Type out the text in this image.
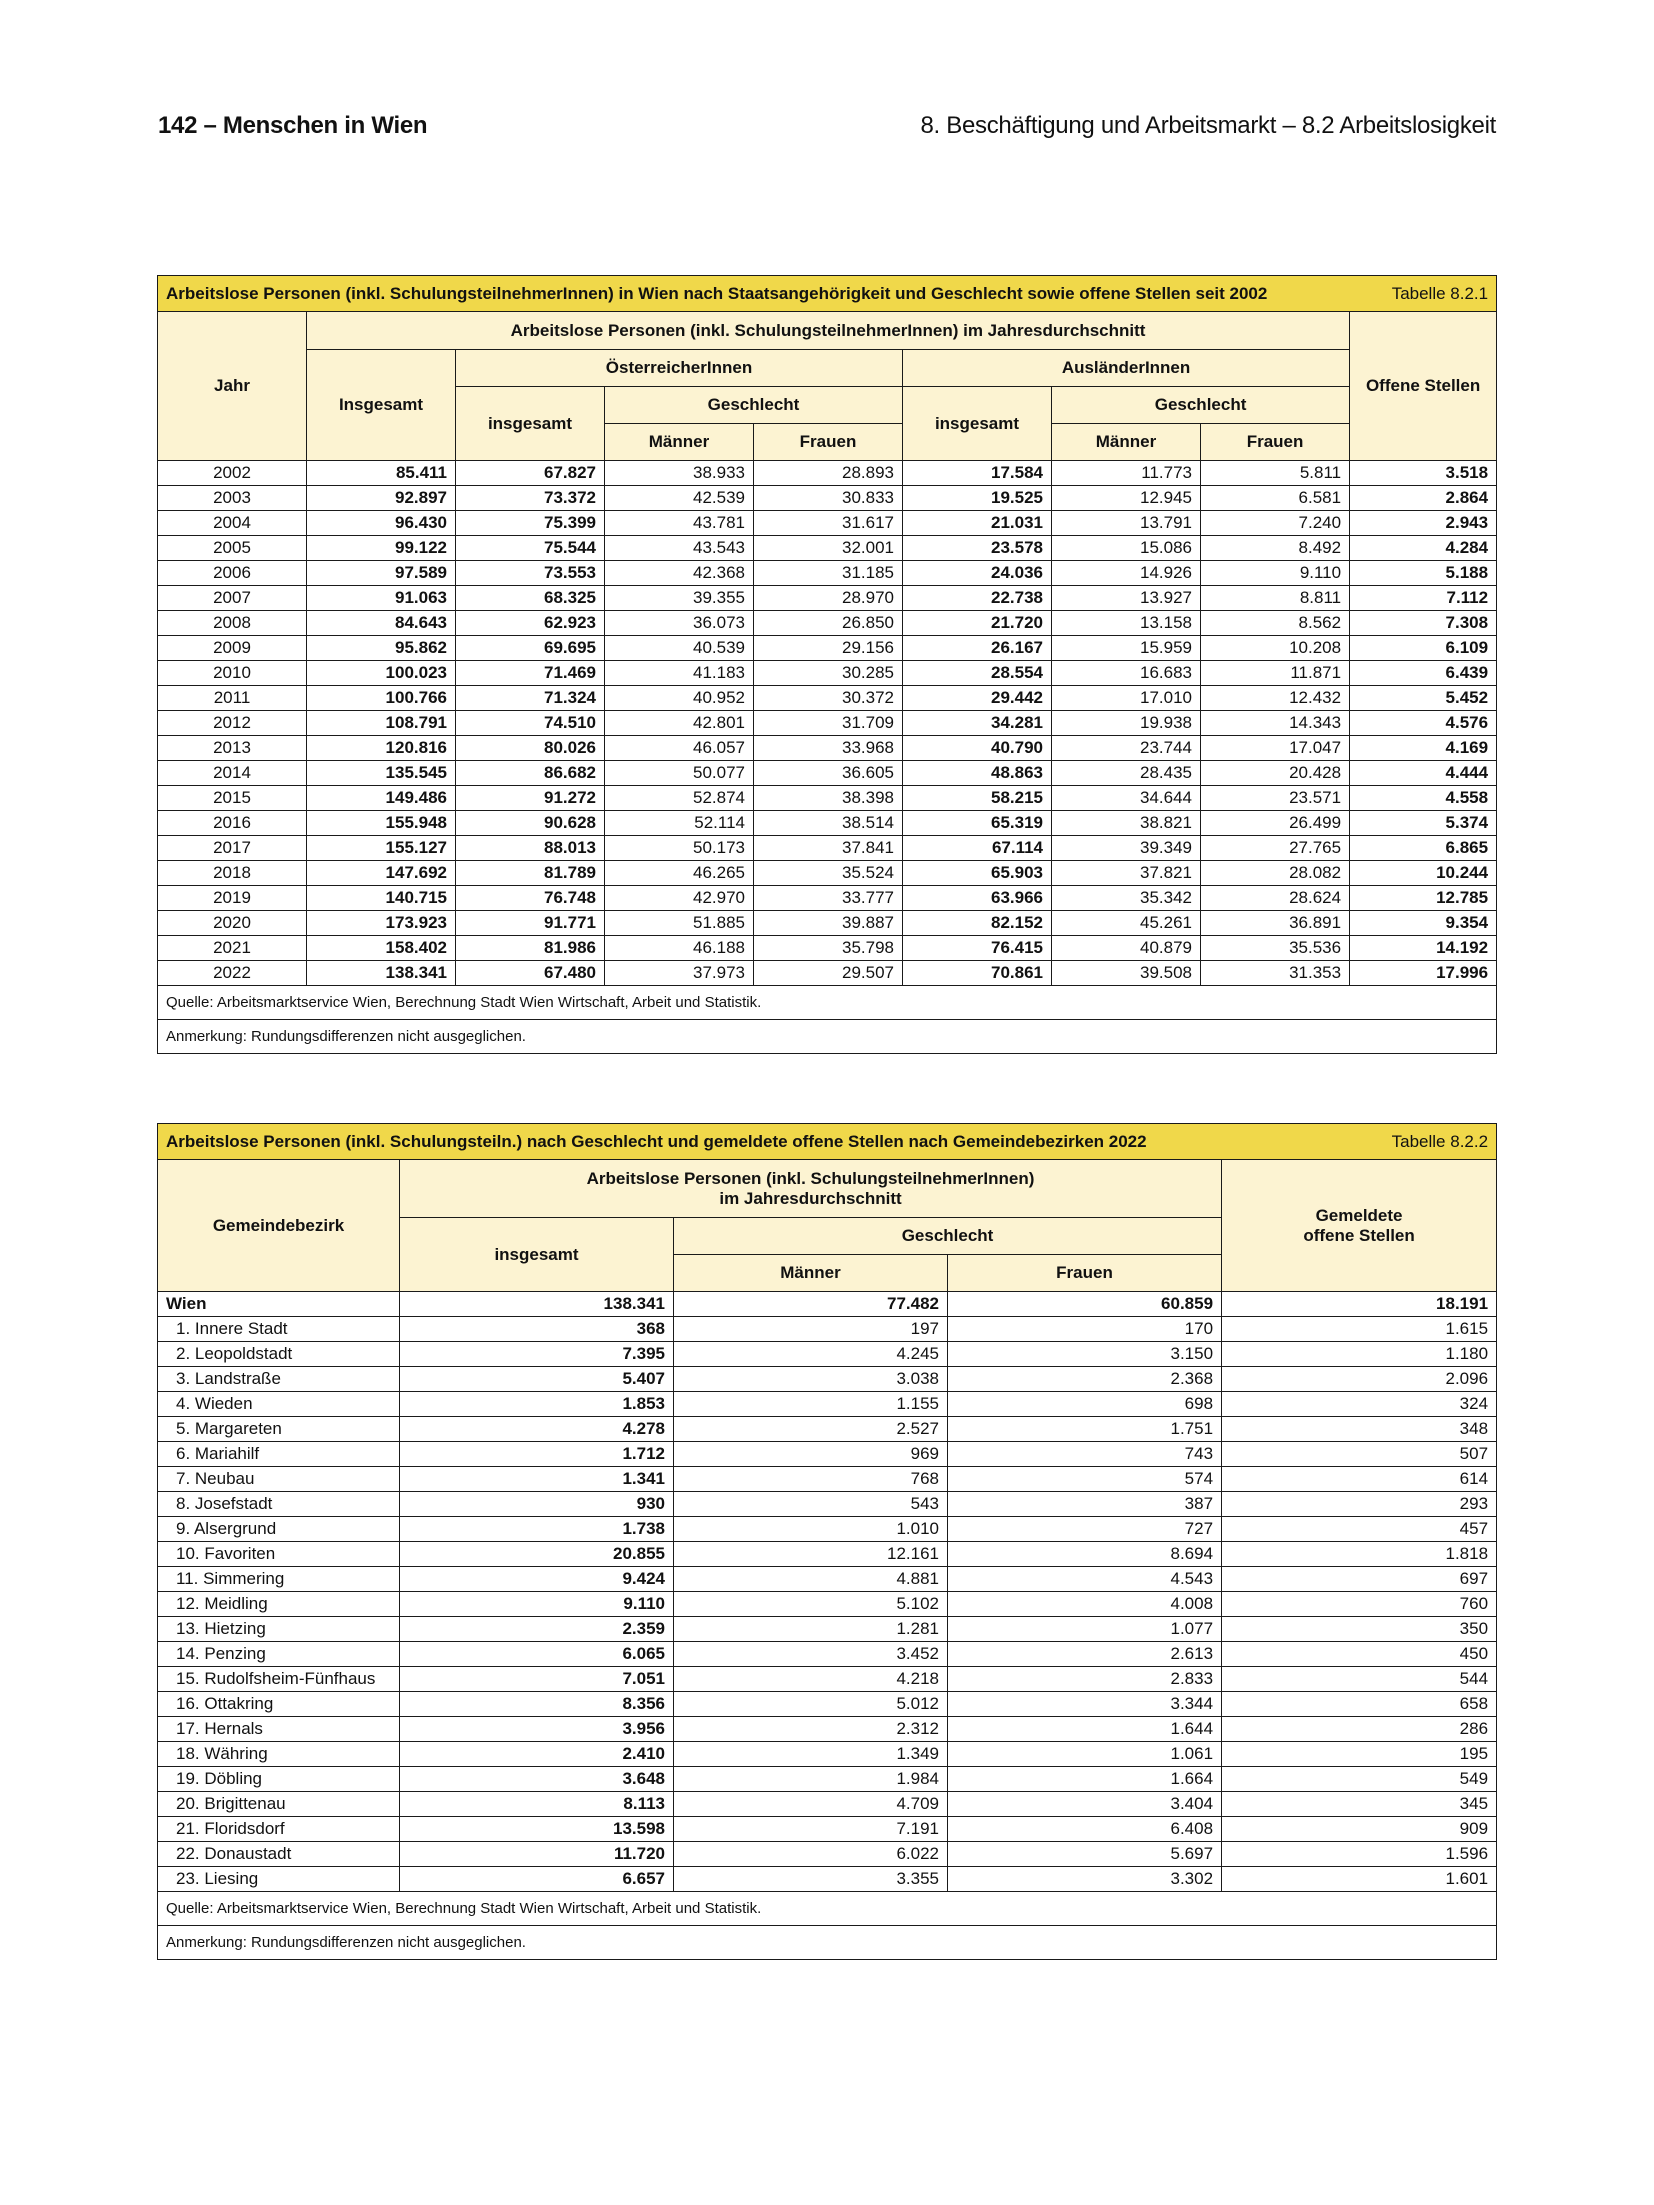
142 – Menschen in Wien	8. Beschäftigung und Arbeitsmarkt – 8.2 Arbeitslosigkeit
Arbeitslose Personen (inkl. SchulungsteilnehmerInnen) in Wien nach Staatsangehörigkeit und Geschlecht sowie offene Stellen seit 2002								Tabelle 8.2.1
Jahr	Arbeitslose Personen (inkl. SchulungsteilnehmerInnen) im Jahresdurchschnitt							Offene Stellen
	Insgesamt	ÖsterreicherInnen			AusländerInnen			
		insgesamt	Geschlecht		insgesamt	Geschlecht		
			Männer	Frauen		Männer	Frauen	
2002	85.411	67.827	38.933	28.893	17.584	11.773	5.811	3.518
2003	92.897	73.372	42.539	30.833	19.525	12.945	6.581	2.864
2004	96.430	75.399	43.781	31.617	21.031	13.791	7.240	2.943
2005	99.122	75.544	43.543	32.001	23.578	15.086	8.492	4.284
2006	97.589	73.553	42.368	31.185	24.036	14.926	9.110	5.188
2007	91.063	68.325	39.355	28.970	22.738	13.927	8.811	7.112
2008	84.643	62.923	36.073	26.850	21.720	13.158	8.562	7.308
2009	95.862	69.695	40.539	29.156	26.167	15.959	10.208	6.109
2010	100.023	71.469	41.183	30.285	28.554	16.683	11.871	6.439
2011	100.766	71.324	40.952	30.372	29.442	17.010	12.432	5.452
2012	108.791	74.510	42.801	31.709	34.281	19.938	14.343	4.576
2013	120.816	80.026	46.057	33.968	40.790	23.744	17.047	4.169
2014	135.545	86.682	50.077	36.605	48.863	28.435	20.428	4.444
2015	149.486	91.272	52.874	38.398	58.215	34.644	23.571	4.558
2016	155.948	90.628	52.114	38.514	65.319	38.821	26.499	5.374
2017	155.127	88.013	50.173	37.841	67.114	39.349	27.765	6.865
2018	147.692	81.789	46.265	35.524	65.903	37.821	28.082	10.244
2019	140.715	76.748	42.970	33.777	63.966	35.342	28.624	12.785
2020	173.923	91.771	51.885	39.887	82.152	45.261	36.891	9.354
2021	158.402	81.986	46.188	35.798	76.415	40.879	35.536	14.192
2022	138.341	67.480	37.973	29.507	70.861	39.508	31.353	17.996
Quelle: Arbeitsmarktservice Wien, Berechnung Stadt Wien Wirtschaft, Arbeit und Statistik.								
Anmerkung: Rundungsdifferenzen nicht ausgeglichen.								
Arbeitslose Personen (inkl. Schulungsteiln.) nach Geschlecht und gemeldete offene Stellen nach Gemeindebezirken 2022				Tabelle 8.2.2
Gemeindebezirk	
Arbeitslose Personen (inkl. SchulungsteilnehmerInnen)
im Jahresdurchschnitt

Gemeldete
offene Stellen

	insgesamt	Geschlecht		
		Männer	Frauen	
Wien	138.341	77.482	60.859	18.191
1. Innere Stadt	368	197	170	1.615
2. Leopoldstadt	7.395	4.245	3.150	1.180
3. Landstraße	5.407	3.038	2.368	2.096
4. Wieden	1.853	1.155	698	324
5. Margareten	4.278	2.527	1.751	348
6. Mariahilf	1.712	969	743	507
7. Neubau	1.341	768	574	614
8. Josefstadt	930	543	387	293
9. Alsergrund	1.738	1.010	727	457
10. Favoriten	20.855	12.161	8.694	1.818
11. Simmering	9.424	4.881	4.543	697
12. Meidling	9.110	5.102	4.008	760
13. Hietzing	2.359	1.281	1.077	350
14. Penzing	6.065	3.452	2.613	450
15. Rudolfsheim-Fünfhaus	7.051	4.218	2.833	544
16. Ottakring	8.356	5.012	3.344	658
17. Hernals	3.956	2.312	1.644	286
18. Währing	2.410	1.349	1.061	195
19. Döbling	3.648	1.984	1.664	549
20. Brigittenau	8.113	4.709	3.404	345
21. Floridsdorf	13.598	7.191	6.408	909
22. Donaustadt	11.720	6.022	5.697	1.596
23. Liesing	6.657	3.355	3.302	1.601
Quelle: Arbeitsmarktservice Wien, Berechnung Stadt Wien Wirtschaft, Arbeit und Statistik.				
Anmerkung: Rundungsdifferenzen nicht ausgeglichen.				
